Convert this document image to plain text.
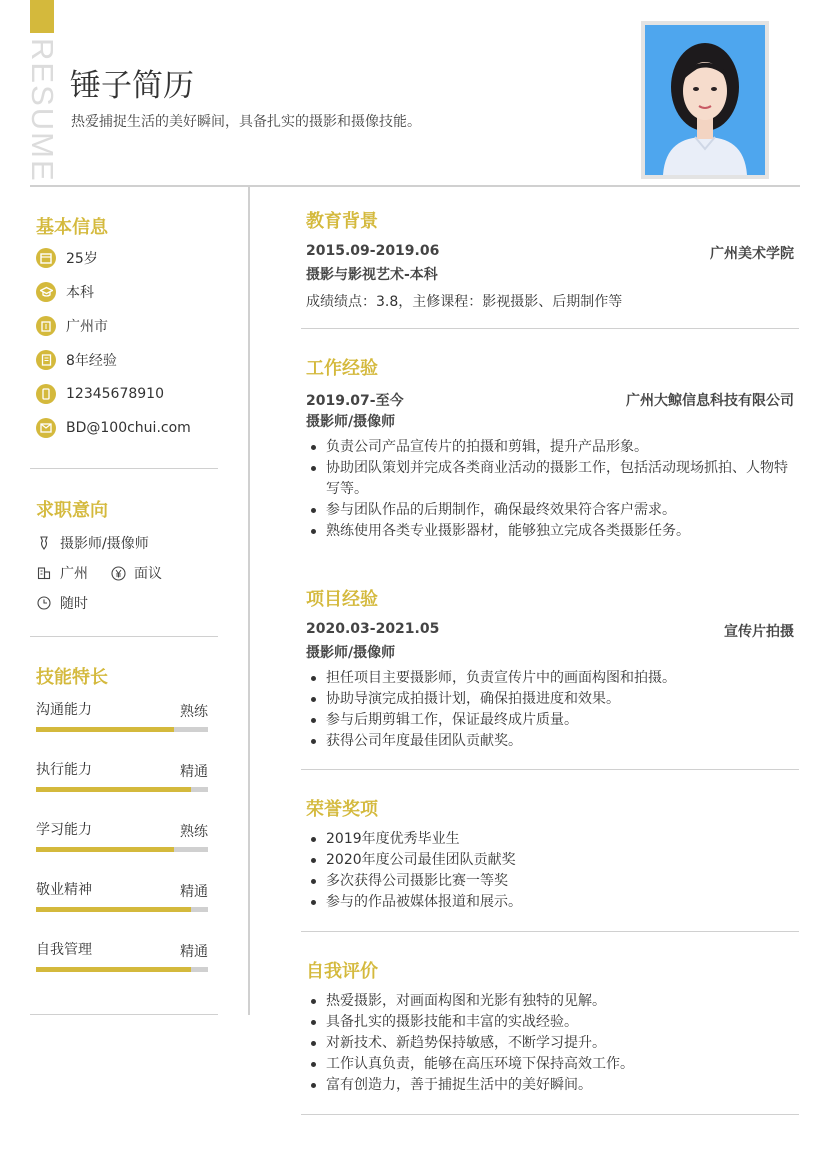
RESUME 锤子简历
热爱捕捉生活的美好瞬间，具备扎实的摄影和摄像技能。
基本信息
25岁
本科
广州市
8年经验
12345678910
BD@100chui.com
求职意向
摄影师/摄像师
广州	面议
随时
技能特长
沟通能力	熟练
执行能力	精通
学习能力	熟练
敬业精神	精通
自我管理	精通
教育背景
2015.09-2019.06	广州美术学院
摄影与影视艺术-本科
成绩绩点：3.8，主修课程：影视摄影、后期制作等
工作经验
2019.07-至今	广州大鲸信息科技有限公司
摄影师/摄像师
负责公司产品宣传片的拍摄和剪辑，提升产品形象。
协助团队策划并完成各类商业活动的摄影工作，包括活动现场抓拍、人物特写等。
参与团队作品的后期制作，确保最终效果符合客户需求。
熟练使用各类专业摄影器材，能够独立完成各类摄影任务。
项目经验
2020.03-2021.05	宣传片拍摄
摄影师/摄像师
担任项目主要摄影师，负责宣传片中的画面构图和拍摄。
协助导演完成拍摄计划，确保拍摄进度和效果。
参与后期剪辑工作，保证最终成片质量。
获得公司年度最佳团队贡献奖。
荣誉奖项
2019年度优秀毕业生
2020年度公司最佳团队贡献奖
多次获得公司摄影比赛一等奖
参与的作品被媒体报道和展示。
自我评价
热爱摄影，对画面构图和光影有独特的见解。
具备扎实的摄影技能和丰富的实战经验。
对新技术、新趋势保持敏感，不断学习提升。
工作认真负责，能够在高压环境下保持高效工作。
富有创造力，善于捕捉生活中的美好瞬间。
